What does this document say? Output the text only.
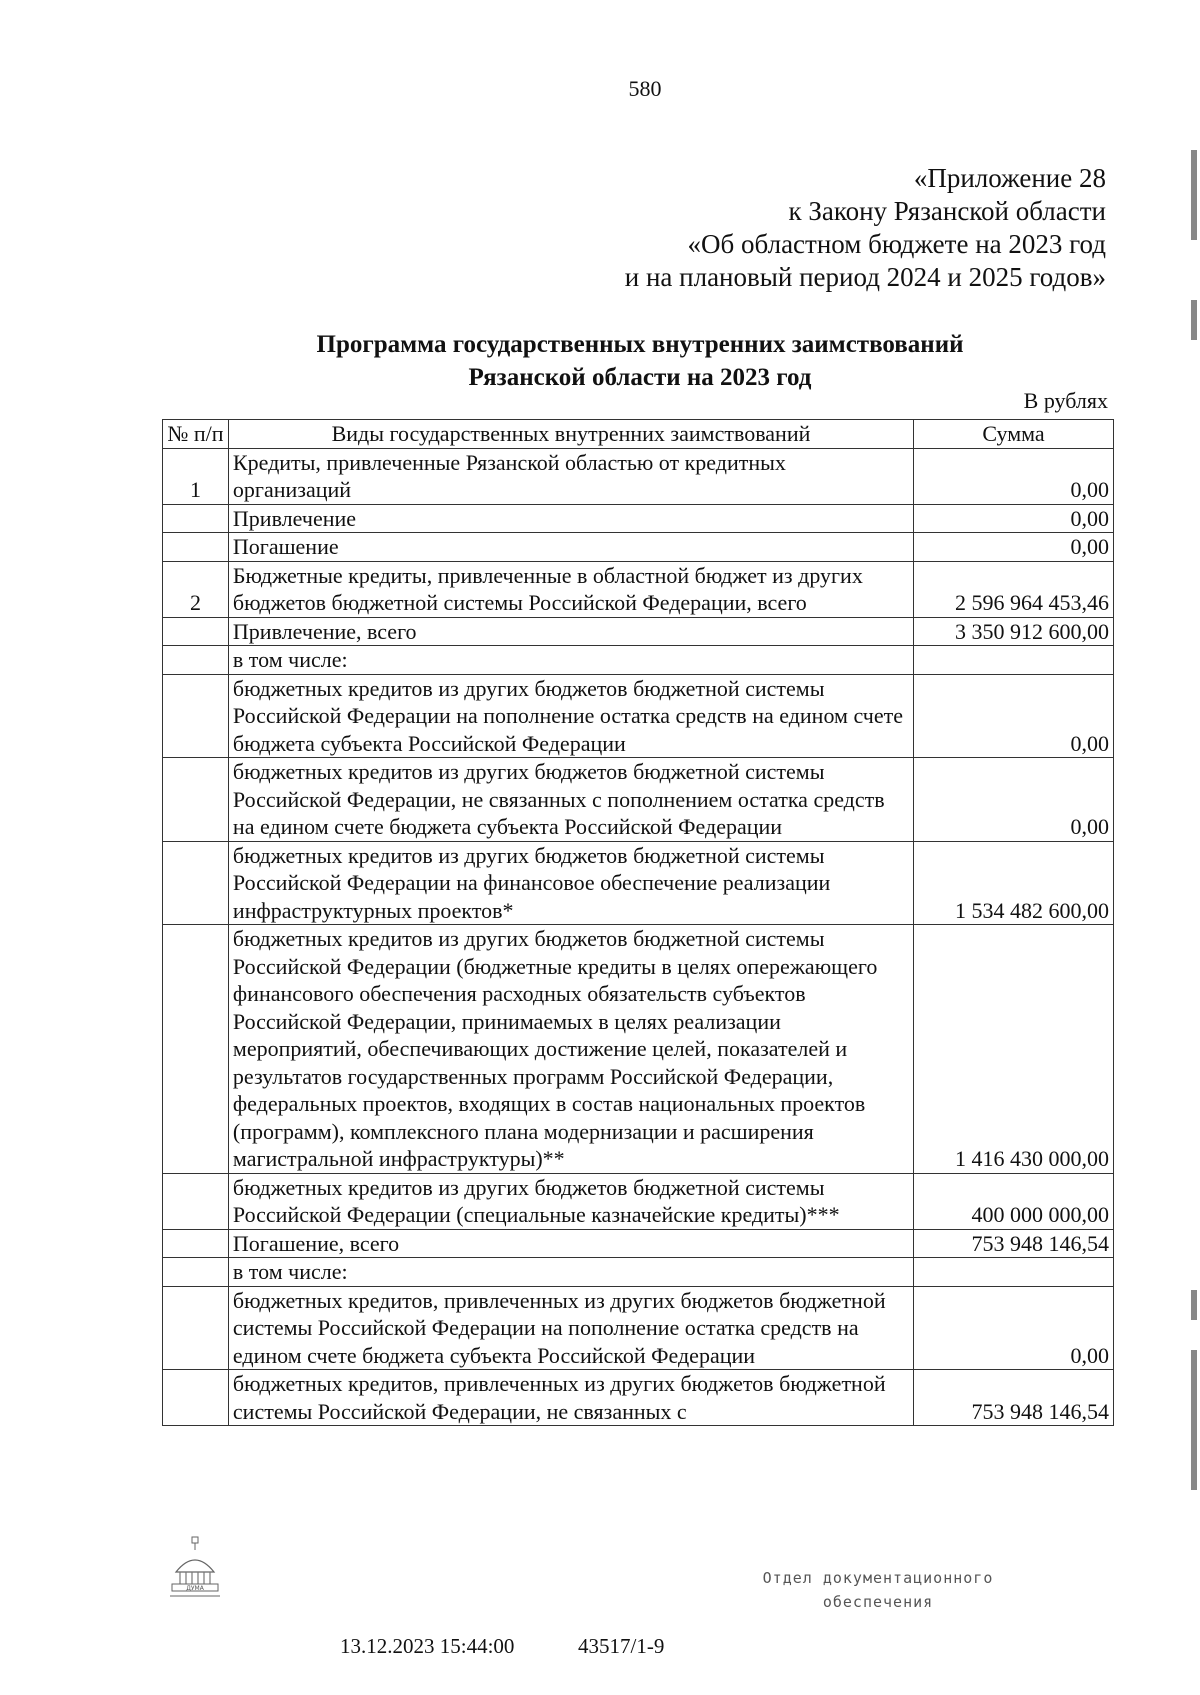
580
«Приложение 28
к Закону Рязанской области
«Об областном бюджете на 2023 год
и на плановый период 2024 и 2025 годов»
Программа государственных внутренних заимствований
Рязанской области на 2023 год
В рублях
№ п/п	Виды государственных внутренних заимствований	Сумма
1	Кредиты, привлеченные Рязанской областью от кредитных организаций	0,00
	Привлечение	0,00
	Погашение	0,00
2	Бюджетные кредиты, привлеченные в областной бюджет из других бюджетов бюджетной системы Российской Федерации, всего	2 596 964 453,46
	Привлечение, всего	3 350 912 600,00
	в том числе:	
	бюджетных кредитов из других бюджетов бюджетной системы Российской Федерации на пополнение остатка средств на едином счете бюджета субъекта Российской Федерации	0,00
	бюджетных кредитов из других бюджетов бюджетной системы Российской Федерации, не связанных с пополнением остатка средств на едином счете бюджета субъекта Российской Федерации	0,00
	бюджетных кредитов из других бюджетов бюджетной системы Российской Федерации на финансовое обеспечение реализации инфраструктурных проектов*	1 534 482 600,00
	бюджетных кредитов из других бюджетов бюджетной системы Российской Федерации (бюджетные кредиты в целях опережающего финансового обеспечения расходных обязательств субъектов Российской Федерации, принимаемых в целях реализации мероприятий, обеспечивающих достижение целей, показателей и результатов государственных программ Российской Федерации, федеральных проектов, входящих в состав национальных проектов (программ), комплексного плана модернизации и расширения магистральной инфраструктуры)**	1 416 430 000,00
	бюджетных кредитов из других бюджетов бюджетной системы Российской Федерации (специальные казначейские кредиты)***	400 000 000,00
	Погашение, всего	753 948 146,54
	в том числе:	
	бюджетных кредитов, привлеченных из других бюджетов бюджетной системы Российской Федерации на пополнение остатка средств на едином счете бюджета субъекта Российской Федерации	0,00
	бюджетных кредитов, привлеченных из других бюджетов бюджетной системы Российской Федерации, не связанных с	753 948 146,54
ДУМА
13.12.2023 15:44:00	43517/1-9
Отдел документационного
обеспечения
